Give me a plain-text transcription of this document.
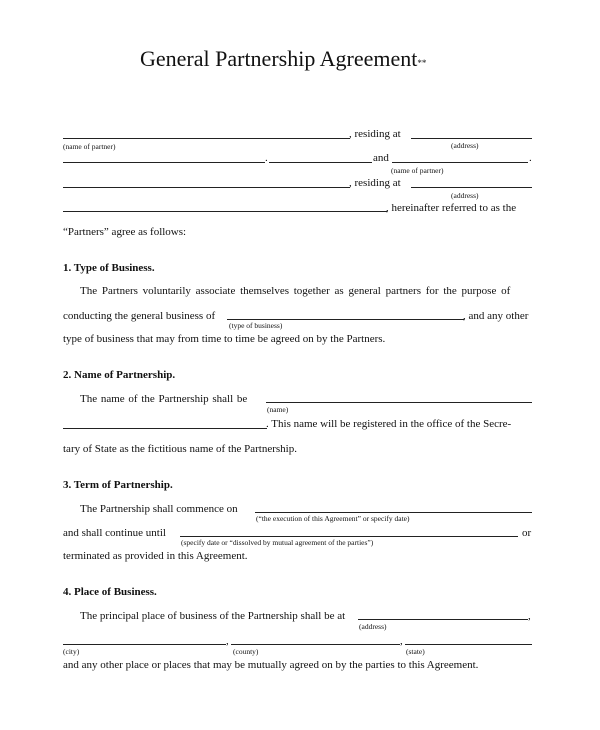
General Partnership Agreement**
, residing at
(name of partner)	(address)
.	and	.
(name of partner)
, residing at
(address)
, hereinafter referred to as the
“Partners” agree as follows:
1. Type of Business.
The Partners voluntarily associate themselves together as general partners for the purpose of
conducting the general business of	, and any other
(type of business)
type of business that may from time to time be agreed on by the Partners.
2. Name of Partnership.
The name of the Partnership shall be
(name)
. This name will be registered in the office of the Secre-
tary of State as the fictitious name of the Partnership.
3. Term of Partnership.
The Partnership shall commence on
(“the execution of this Agreement” or specify date)
and shall continue until	or
(specify date or “dissolved by mutual agreement of the parties”)
terminated as provided in this Agreement.
4. Place of Business.
The principal place of business of the Partnership shall be at	,
(address)
,	,
(city)	(county)	(state)
and any other place or places that may be mutually agreed on by the parties to this Agreement.
